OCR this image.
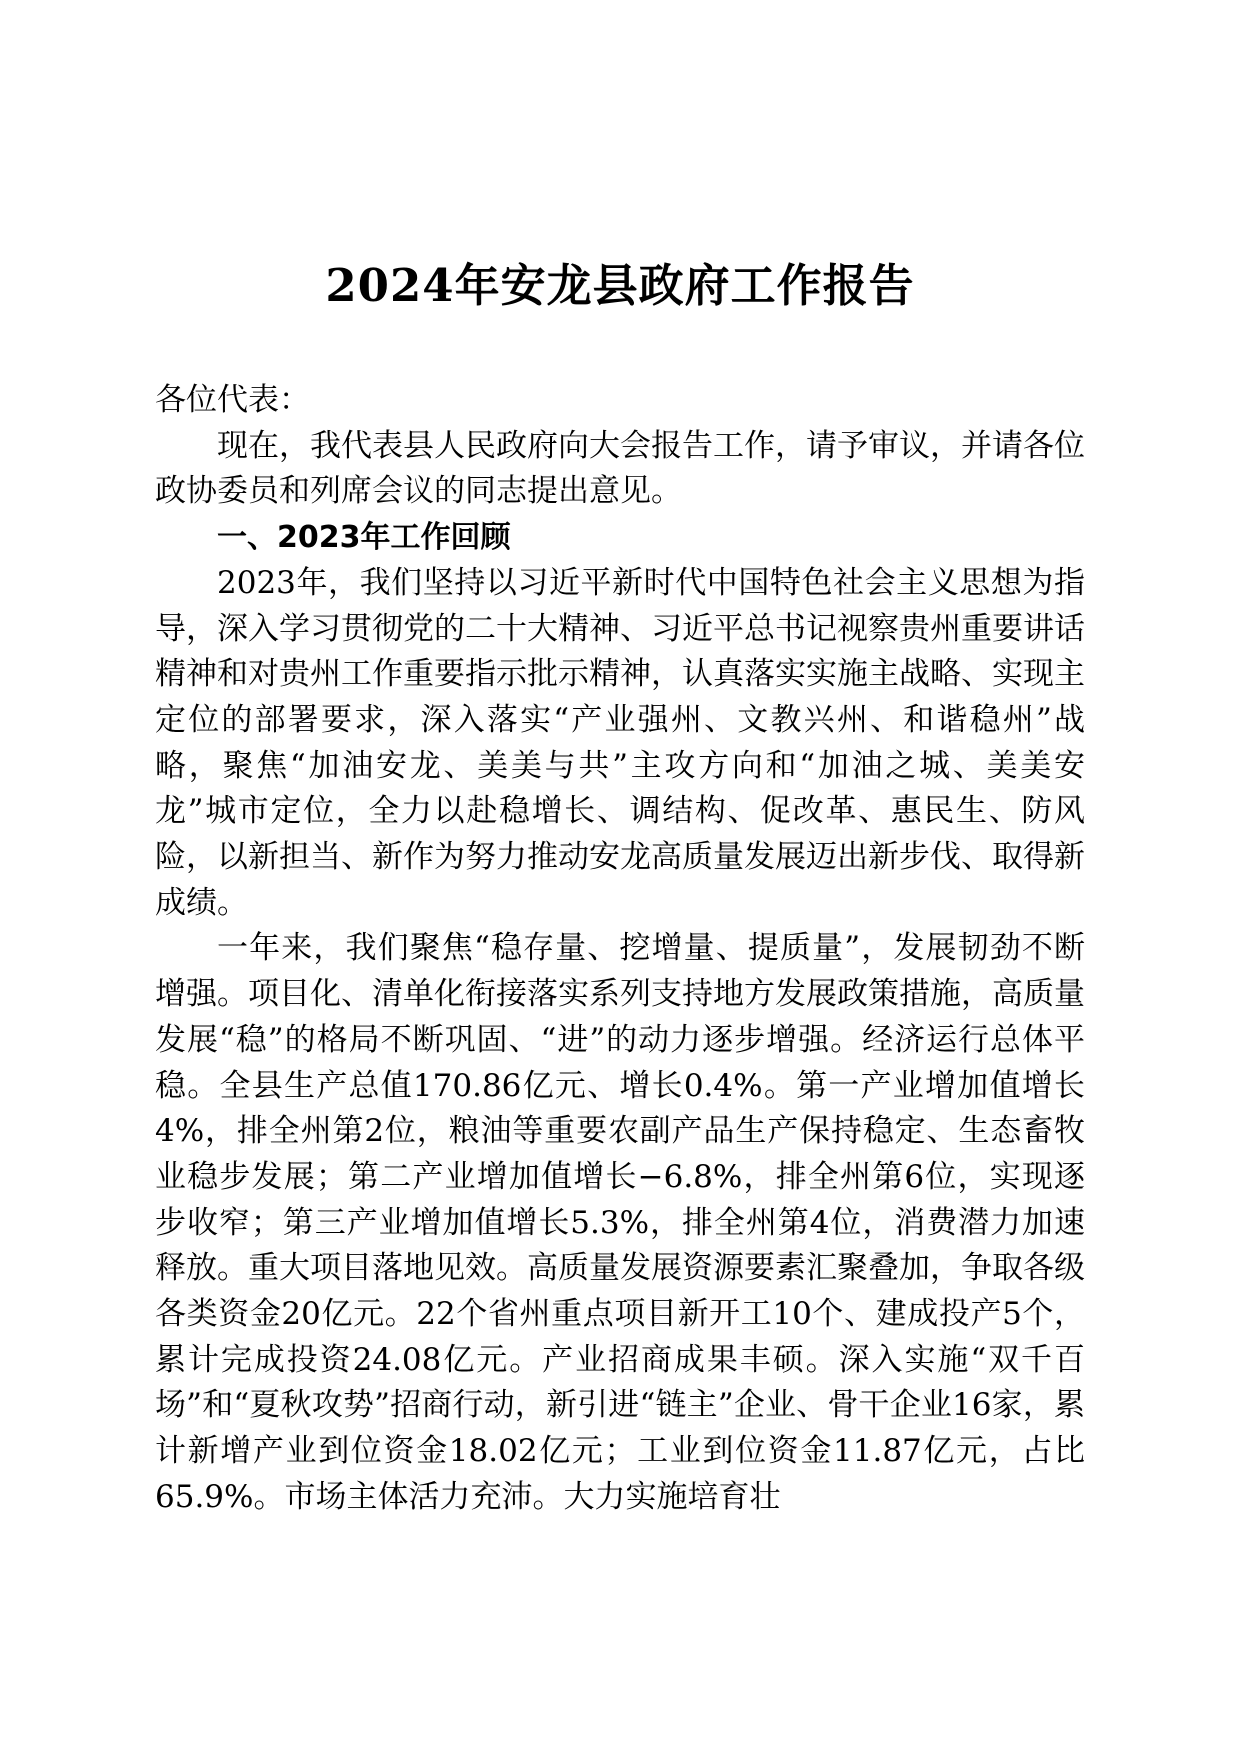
2024年安龙县政府工作报告

各位代表：

现在，我代表县人民政府向大会报告工作，请予审议，并请各位政协委员和列席会议的同志提出意见。

一、2023年工作回顾

2023年，我们坚持以习近平新时代中国特色社会主义思想为指导，深入学习贯彻党的二十大精神、习近平总书记视察贵州重要讲话精神和对贵州工作重要指示批示精神，认真落实实施主战略、实现主定位的部署要求，深入落实“产业强州、文教兴州、和谐稳州”战略，聚焦“加油安龙、美美与共”主攻方向和“加油之城、美美安龙”城市定位，全力以赴稳增长、调结构、促改革、惠民生、防风险，以新担当、新作为努力推动安龙高质量发展迈出新步伐、取得新成绩。

一年来，我们聚焦“稳存量、挖增量、提质量”，发展韧劲不断增强。项目化、清单化衔接落实系列支持地方发展政策措施，高质量发展“稳”的格局不断巩固、“进”的动力逐步增强。经济运行总体平稳。全县生产总值170.86亿元、增长0.4%。第一产业增加值增长4%，排全州第2位，粮油等重要农副产品生产保持稳定、生态畜牧业稳步发展；第二产业增加值增长−6.8%，排全州第6位，实现逐步收窄；第三产业增加值增长5.3%，排全州第4位，消费潜力加速释放。重大项目落地见效。高质量发展资源要素汇聚叠加，争取各级各类资金20亿元。22个省州重点项目新开工10个、建成投产5个，累计完成投资24.08亿元。产业招商成果丰硕。深入实施“双千百场”和“夏秋攻势”招商行动，新引进“链主”企业、骨干企业16家，累计新增产业到位资金18.02亿元；工业到位资金11.87亿元，占比65.9%。市场主体活力充沛。大力实施培育壮
